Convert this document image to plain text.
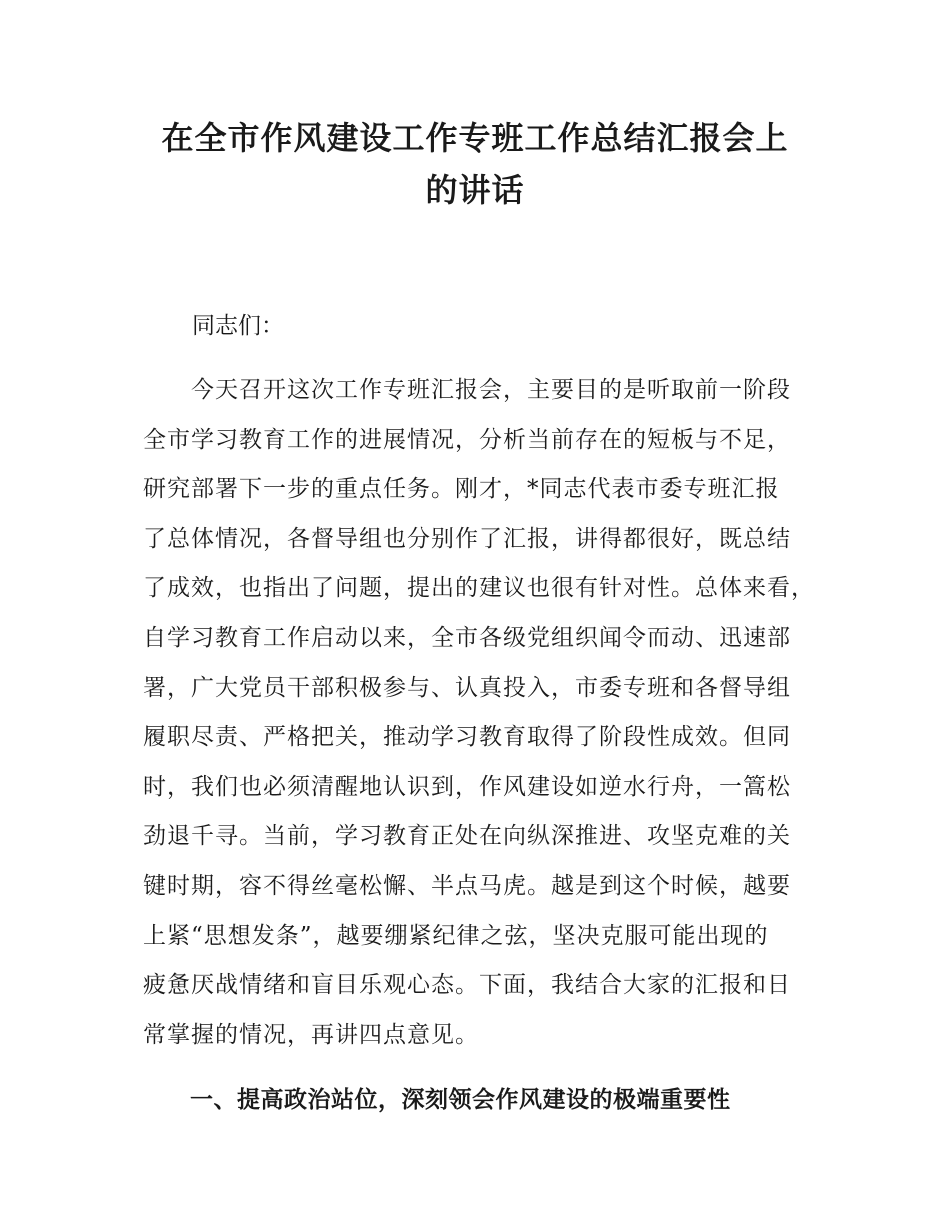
在全市作风建设工作专班工作总结汇报会上
的讲话

同志们：

今天召开这次工作专班汇报会，主要目的是听取前一阶段
全市学习教育工作的进展情况，分析当前存在的短板与不足，
研究部署下一步的重点任务。刚才，*同志代表市委专班汇报
了总体情况，各督导组也分别作了汇报，讲得都很好，既总结
了成效，也指出了问题，提出的建议也很有针对性。总体来看，
自学习教育工作启动以来，全市各级党组织闻令而动、迅速部
署，广大党员干部积极参与、认真投入，市委专班和各督导组
履职尽责、严格把关，推动学习教育取得了阶段性成效。但同
时，我们也必须清醒地认识到，作风建设如逆水行舟，一篙松
劲退千寻。当前，学习教育正处在向纵深推进、攻坚克难的关
键时期，容不得丝毫松懈、半点马虎。越是到这个时候，越要
上紧“思想发条”，越要绷紧纪律之弦，坚决克服可能出现的
疲惫厌战情绪和盲目乐观心态。下面，我结合大家的汇报和日
常掌握的情况，再讲四点意见。
一、提高政治站位，深刻领会作风建设的极端重要性
